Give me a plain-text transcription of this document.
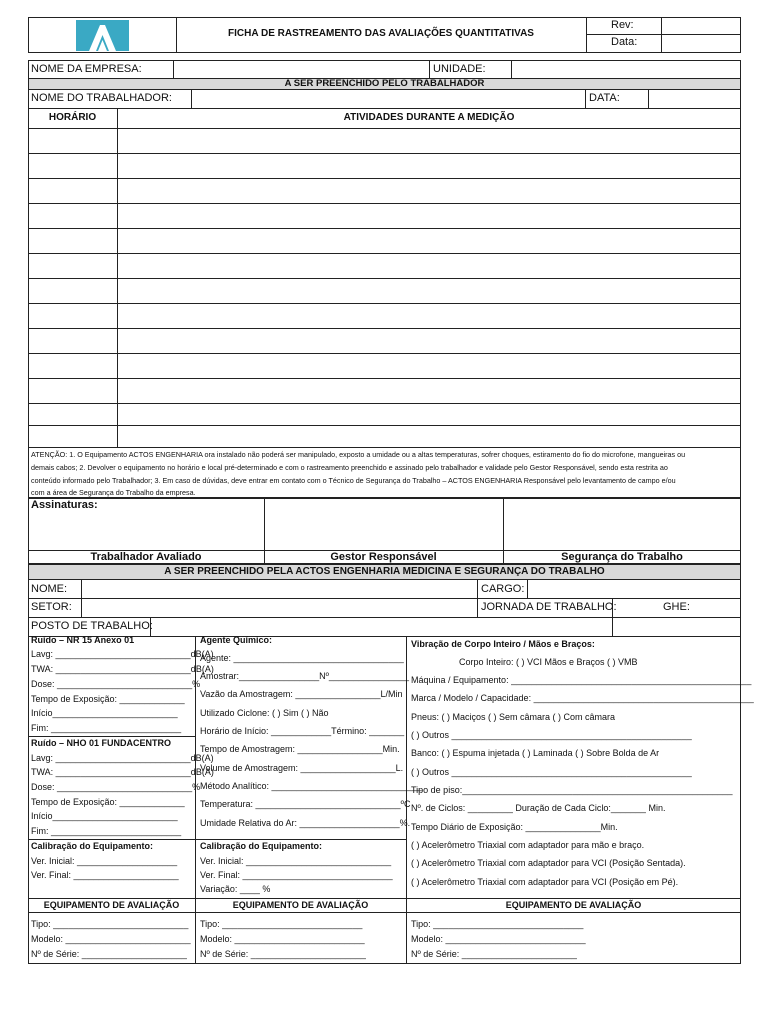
FICHA DE RASTREAMENTO DAS AVALIAÇÕES QUANTITATIVAS
Rev:
Data:
NOME DA EMPRESA:	UNIDADE:
A SER PREENCHIDO PELO TRABALHADOR
NOME DO TRABALHADOR:	DATA:
HORÁRIO	ATIVIDADES DURANTE A MEDIÇÃO
ATENÇÃO: 1. O Equipamento ACTOS ENGENHARIA ora instalado não poderá ser manipulado, exposto a umidade ou a altas temperaturas, sofrer choques, estiramento do fio do microfone, mangueiras ou
demais cabos; 2. Devolver o equipamento no horário e local pré-determinado e com o rastreamento preenchido e assinado pelo trabalhador e validade pelo Gestor Responsável, sendo esta restrita ao
conteúdo informado pelo Trabalhador; 3. Em caso de dúvidas, deve entrar em contato com o Técnico de Segurança do Trabalho – ACTOS ENGENHARIA Responsável pelo levantamento de campo e/ou
com a área de Segurança do Trabalho da empresa.
Assinaturas:
Trabalhador Avaliado	Gestor Responsável	Segurança do Trabalho
A SER PREENCHIDO PELA ACTOS ENGENHARIA MEDICINA E SEGURANÇA DO TRABALHO
NOME:	CARGO:
SETOR:	JORNADA DE TRABALHO:	GHE:
POSTO DE TRABALHO:
Ruído – NR 15 Anexo 01
Lavg: ___________________________dB(A)
TWA: ___________________________dB(A)
Dose: ___________________________%
Tempo de Exposição: _____________
Início_________________________
Fim: __________________________
Ruído – NHO 01 FUNDACENTRO
Lavg: ___________________________dB(A)
TWA: ___________________________dB(A)
Dose: ___________________________%
Tempo de Exposição: _____________
Início_________________________
Fim: __________________________
Calibração do Equipamento:
Ver. Inicial: ____________________
Ver. Final: _____________________
Agente Químico:
Agente: __________________________________
Amostrar:________________Nº________________
Vazão da Amostragem: _________________L/Min
Utilizado Ciclone: ( ) Sim ( ) Não
Horário de Início: ____________Término: _______
Tempo de Amostragem: _________________Min.
Volume de Amostragem: ___________________L.
Método Analítico: ______________________________
Temperatura: _____________________________ºC
Umidade Relativa do Ar: ____________________%.
Calibração do Equipamento:
Ver. Inicial: _____________________________
Ver. Final: ______________________________
Variação: ____ %
Vibração de Corpo Inteiro / Mãos e Braços:
Corpo Inteiro: ( ) VCI Mãos e Braços ( ) VMB
Máquina / Equipamento: ________________________________________________
Marca / Modelo / Capacidade: ____________________________________________
Pneus: ( ) Maciços ( ) Sem câmara ( ) Com câmara
( ) Outros ________________________________________________
Banco: ( ) Espuma injetada ( ) Laminada ( ) Sobre Bolda de Ar
( ) Outros ________________________________________________
Tipo de piso:______________________________________________________
Nº. de Ciclos: _________ Duração de Cada Ciclo:_______ Min.
Tempo Diário de Exposição: _______________Min.
( ) Acelerômetro Triaxial com adaptador para mão e braço.
( ) Acelerômetro Triaxial com adaptador para VCI (Posição Sentada).
( ) Acelerômetro Triaxial com adaptador para VCI (Posição em Pé).
EQUIPAMENTO DE AVALIAÇÃO	EQUIPAMENTO DE AVALIAÇÃO	EQUIPAMENTO DE AVALIAÇÃO
Tipo: ___________________________
Modelo: _________________________
Nº de Série: _____________________
Tipo: ____________________________
Modelo: __________________________
Nº de Série: _______________________
Tipo: ______________________________
Modelo: ____________________________
Nº de Série: _______________________
